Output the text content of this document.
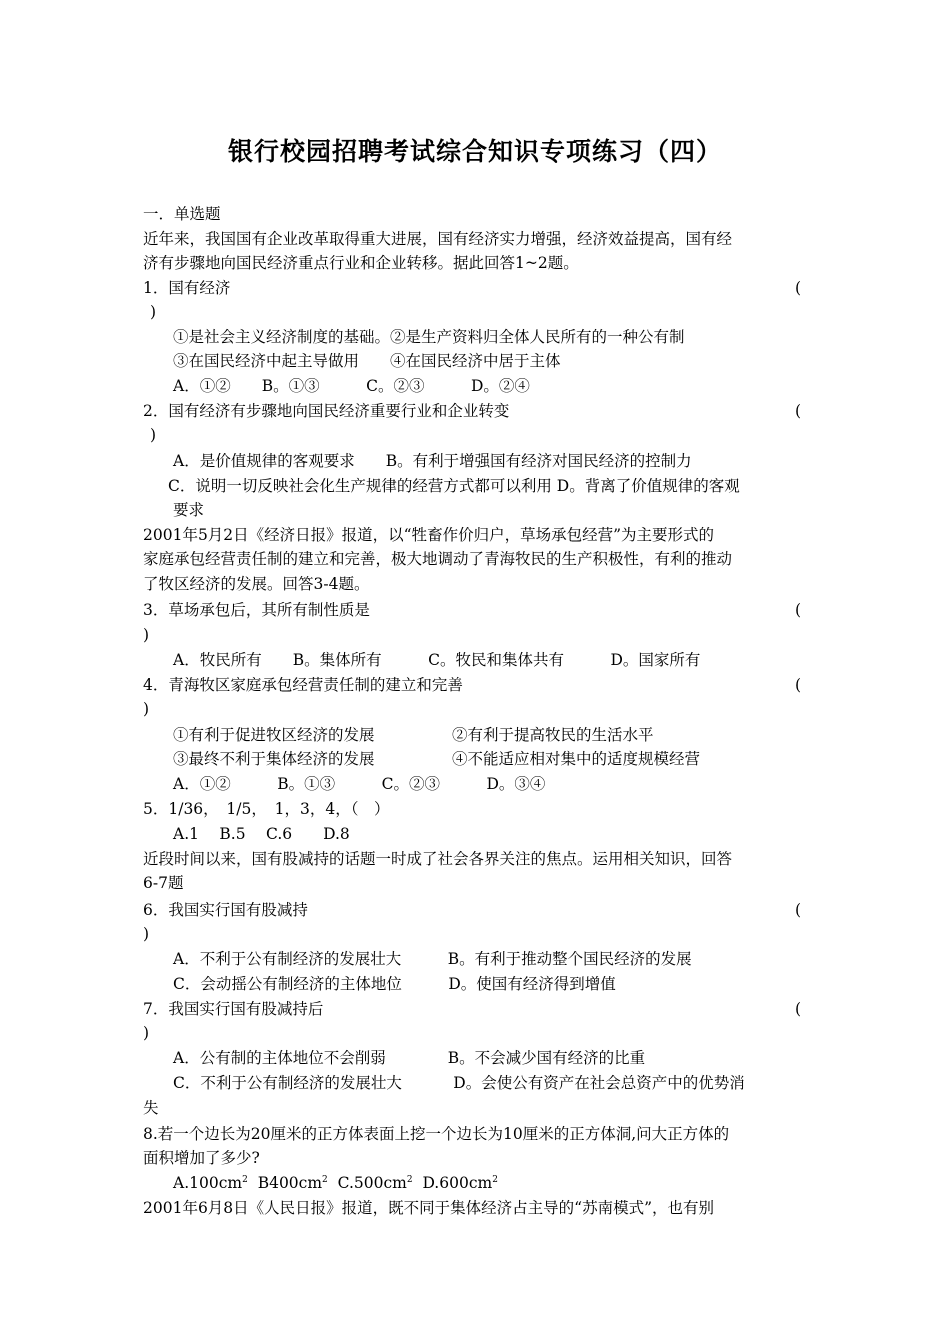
银行校园招聘考试综合知识专项练习（四）
一．单选题
近年来，我国国有企业改革取得重大进展，国有经济实力增强，经济效益提高，国有经
济有步骤地向国民经济重点行业和企业转移。据此回答1~2题。
1．国有经济	(
)
①是社会主义经济制度的基础。②是生产资料归全体人民所有的一种公有制
③在国民经济中起主导做用　　④在国民经济中居于主体
A．①②　　B。①③　　　C。②③　　　D。②④
2．国有经济有步骤地向国民经济重要行业和企业转变	(
)
A．是价值规律的客观要求　　B。有利于增强国有经济对国民经济的控制力
C．说明一切反映社会化生产规律的经营方式都可以利用 D。背离了价值规律的客观
要求
2001年5月2日《经济日报》报道，以“牲畜作价归户，草场承包经营”为主要形式的
家庭承包经营责任制的建立和完善，极大地调动了青海牧民的生产积极性，有利的推动
了牧区经济的发展。回答3-4题。
3．草场承包后，其所有制性质是	(
)
A．牧民所有　　B。集体所有　　　C。牧民和集体共有　　　D。国家所有
4．青海牧区家庭承包经营责任制的建立和完善	(
)
①有利于促进牧区经济的发展　　　　　②有利于提高牧民的生活水平
③最终不利于集体经济的发展　　　　　④不能适应相对集中的适度规模经营
A．①②　　　B。①③　　　C。②③　　　D。③④
5．1/36，　1/5，　1，3，4，（　）
A.1　 B.5　 C.6　　D.8
近段时间以来，国有股减持的话题一时成了社会各界关注的焦点。运用相关知识，回答
6-7题
6．我国实行国有股减持	(
)
A．不利于公有制经济的发展壮大　　　B。有利于推动整个国民经济的发展
C．会动摇公有制经济的主体地位　　　D。使国有经济得到增值
7．我国实行国有股减持后	(
)
A．公有制的主体地位不会削弱　　　　B。不会减少国有经济的比重
C．不利于公有制经济的发展壮大　　　 D。会使公有资产在社会总资产中的优势消
失
8.若一个边长为20厘米的正方体表面上挖一个边长为10厘米的正方体洞,问大正方体的
面积增加了多少?
$A.100cm^2$ $B400cm^2$ $C.500cm^2$ $D.600cm^2$
2001年6月8日《人民日报》报道，既不同于集体经济占主导的“苏南模式”，也有别
